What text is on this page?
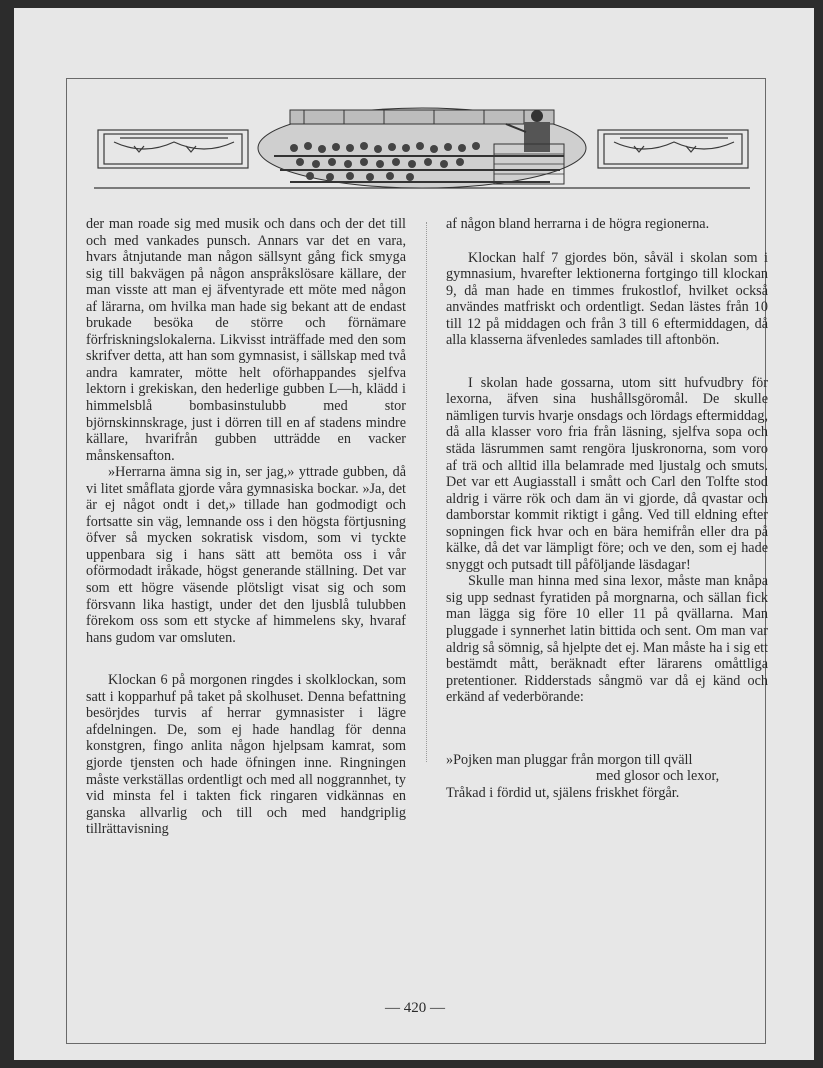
der man roade sig med musik och dans och der det till och med vankades punsch. Annars var det en vara, hvars åtnjutande man någon sällsynt gång fick smyga sig till bakvägen på någon anspråkslösare källare, der man visste att man ej äfventyrade ett möte med någon af lärarna, om hvilka man hade sig bekant att de endast brukade besöka de större och förnämare förfriskningslokalerna. Likvisst inträffade med den som skrifver detta, att han som gymnasist, i sällskap med två andra kamrater, mötte helt oförhappandes sjelfva lektorn i grekiskan, den hederlige gubben L—h, klädd i himmelsblå bombasinstulubb med stor björnskinnskrage, just i dörren till en af stadens mindre källare, hvarifrån gubben utträdde en vacker månskensafton.

»Herrarna ämna sig in, ser jag,» yttrade gubben, då vi litet småflata gjorde våra gymnasiska bockar. »Ja, det är ej något ondt i det,» tillade han godmodigt och fortsatte sin väg, lemnande oss i den högsta förtjusning öfver så mycken sokratisk visdom, som vi tyckte uppenbara sig i hans sätt att bemöta oss i vår oförmodadt iråkade, högst generande ställning. Det var som ett högre väsende plötsligt visat sig och som försvann lika hastigt, under det den ljusblå tulubben förekom oss som ett stycke af himmelens sky, hvaraf hans gudom var omsluten.

Klockan 6 på morgonen ringdes i skolklockan, som satt i kopparhuf på taket på skolhuset. Denna befattning besörjdes turvis af herrar gymnasister i lägre afdelningen. De, som ej hade handlag för denna konstgren, fingo anlita någon hjelpsam kamrat, som gjorde tjensten och hade öfningen inne. Ringningen måste verkställas ordentligt och med all noggrannhet, ty vid minsta fel i takten fick ringaren vidkännas en ganska allvarlig och till och med handgriplig tillrättavisning

af någon bland herrarna i de högra regionerna.

Klockan half 7 gjordes bön, såväl i skolan som i gymnasium, hvarefter lektionerna fortgingo till klockan 9, då man hade en timmes frukostlof, hvilket också användes matfriskt och ordentligt. Sedan lästes från 10 till 12 på middagen och från 3 till 6 eftermiddagen, då alla klasserna äfvenledes samlades till aftonbön.

I skolan hade gossarna, utom sitt hufvudbry för lexorna, äfven sina hushållsgöromål. De skulle nämligen turvis hvarje onsdags och lördags eftermiddag, då alla klasser voro fria från läsning, sjelfva sopa och städa läsrummen samt rengöra ljuskronorna, som voro af trä och alltid illa belamrade med ljustalg och smuts. Det var ett Augiasstall i smått och Carl den Tolfte stod aldrig i värre rök och dam än vi gjorde, då qvastar och damborstar kommit riktigt i gång. Ved till eldning efter sopningen fick hvar och en bära hemifrån eller dra på kälke, då det var lämpligt före; och ve den, som ej hade snyggt och putsadt till påföljande läsdagar!

Skulle man hinna med sina lexor, måste man knåpa sig upp sednast fyratiden på morgnarna, och sällan fick man lägga sig före 10 eller 11 på qvällarna. Man pluggade i synnerhet latin bittida och sent. Om man var aldrig så sömnig, så hjelpte det ej. Man måste ha i sig ett bestämdt mått, beräknadt efter lärarens omåttliga pretentioner. Ridderstads sångmö var då ej känd och erkänd af vederbörande:

»Pojken man pluggar från morgon till qväll
med glosor och lexor,
Tråkad i fördid ut, själens friskhet förgår.
— 420 —
